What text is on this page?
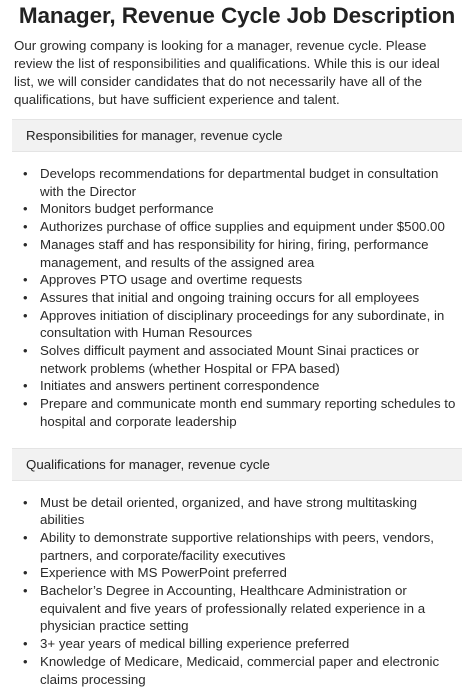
Manager, Revenue Cycle Job Description

Our growing company is looking for a manager, revenue cycle. Please review the list of responsibilities and qualifications. While this is our ideal list, we will consider candidates that do not necessarily have all of the qualifications, but have sufficient experience and talent.

Responsibilities for manager, revenue cycle
• Develops recommendations for departmental budget in consultation with the Director
• Monitors budget performance
• Authorizes purchase of office supplies and equipment under $500.00
• Manages staff and has responsibility for hiring, firing, performance management, and results of the assigned area
• Approves PTO usage and overtime requests
• Assures that initial and ongoing training occurs for all employees
• Approves initiation of disciplinary proceedings for any subordinate, in consultation with Human Resources
• Solves difficult payment and associated Mount Sinai practices or network problems (whether Hospital or FPA based)
• Initiates and answers pertinent correspondence
• Prepare and communicate month end summary reporting schedules to hospital and corporate leadership
Qualifications for manager, revenue cycle
• Must be detail oriented, organized, and have strong multitasking abilities
• Ability to demonstrate supportive relationships with peers, vendors, partners, and corporate/facility executives
• Experience with MS PowerPoint preferred
• Bachelor’s Degree in Accounting, Healthcare Administration or equivalent and five years of professionally related experience in a physician practice setting
• 3+ year years of medical billing experience preferred
• Knowledge of Medicare, Medicaid, commercial paper and electronic claims processing
